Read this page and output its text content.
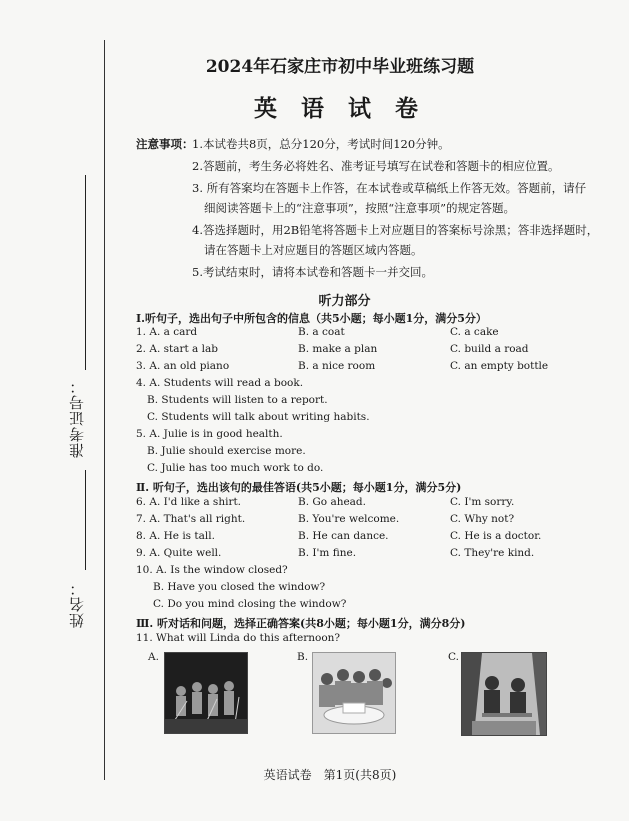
准考证号：
姓名：
2024年石家庄市初中毕业班练习题
英 语 试 卷
注意事项：
1.本试卷共8页，总分120分，考试时间120分钟。
2.答题前，考生务必将姓名、准考证号填写在试卷和答题卡的相应位置。
3. 所有答案均在答题卡上作答，在本试卷或草稿纸上作答无效。答题前，请仔
细阅读答题卡上的“注意事项”，按照“注意事项”的规定答题。
4.答选择题时，用2B铅笔将答题卡上对应题目的答案标号涂黑；答非选择题时，
请在答题卡上对应题目的答题区域内答题。
5.考试结束时，请将本试卷和答题卡一并交回。
听力部分
Ⅰ.听句子，选出句子中所包含的信息（共5小题；每小题1分，满分5分）
1. A. a card	B. a coat	C. a cake
2. A. start a lab	B. make a plan	C. build a road
3. A. an old piano	B. a nice room	C. an empty bottle
4. A. Students will read a book.
B. Students will listen to a report.
C. Students will talk about writing habits.
5. A. Julie is in good health.
B. Julie should exercise more.
C. Julie has too much work to do.
Ⅱ. 听句子，选出该句的最佳答语(共5小题；每小题1分，满分5分)
6. A. I'd like a shirt.	B. Go ahead.	C. I'm sorry.
7. A. That's all right.	B. You're welcome.	C. Why not?
8. A. He is tall.	B. He can dance.	C. He is a doctor.
9. A. Quite well.	B. I'm fine.	C. They're kind.
10. A. Is the window closed?
B. Have you closed the window?
C. Do you mind closing the window?
Ⅲ. 听对话和问题，选择正确答案(共8小题；每小题1分，满分8分)
11. What will Linda do this afternoon?
A.	B.	C.
英语试卷　第1页(共8页)
